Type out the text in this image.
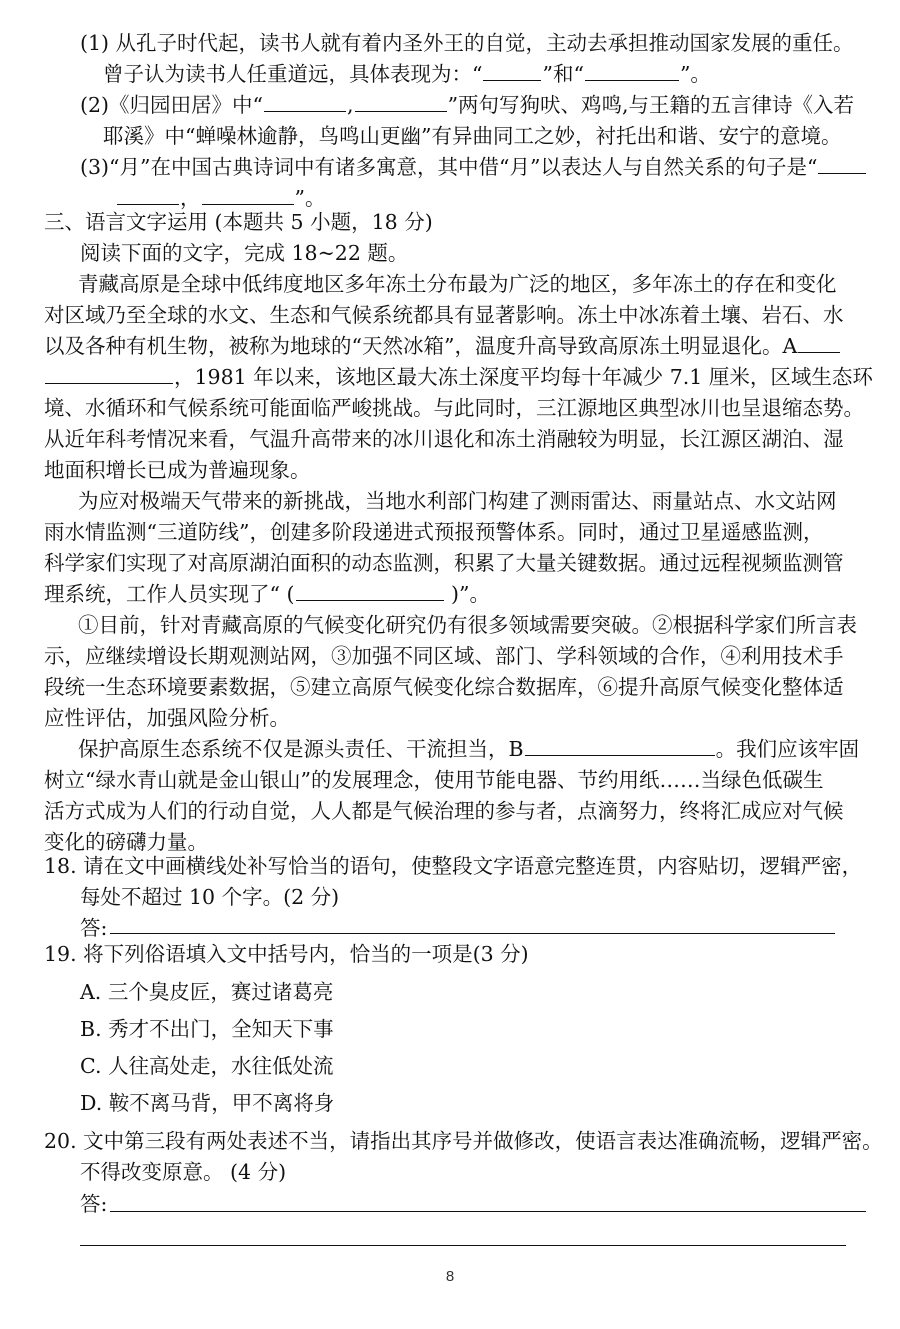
(1) 从孔子时代起，读书人就有着内圣外王的自觉，主动去承担推动国家发展的重任。
曾子认为读书人任重道远，具体表现为：“	”和“	”。
(2)《归园田居》中“	,	”两句写狗吠、鸡鸣,与王籍的五言律诗《入若
耶溪》中“蝉噪林逾静，鸟鸣山更幽”有异曲同工之妙，衬托出和谐、安宁的意境。
(3)“月”在中国古典诗词中有诸多寓意，其中借“月”以表达人与自然关系的句子是“
，	”。
三、语言文字运用 (本题共 5 小题，18 分)
阅读下面的文字，完成 18~22 题。
青藏高原是全球中低纬度地区多年冻土分布最为广泛的地区，多年冻土的存在和变化
对区域乃至全球的水文、生态和气候系统都具有显著影响。冻土中冰冻着土壤、岩石、水
以及各种有机生物，被称为地球的“天然冰箱”，温度升高导致高原冻土明显退化。A
，1981 年以来，该地区最大冻土深度平均每十年减少 7.1 厘米，区域生态环
境、水循环和气候系统可能面临严峻挑战。与此同时，三江源地区典型冰川也呈退缩态势。
从近年科考情况来看，气温升高带来的冰川退化和冻土消融较为明显，长江源区湖泊、湿
地面积增长已成为普遍现象。
为应对极端天气带来的新挑战，当地水利部门构建了测雨雷达、雨量站点、水文站网
雨水情监测“三道防线”，创建多阶段递进式预报预警体系。同时，通过卫星遥感监测，
科学家们实现了对高原湖泊面积的动态监测，积累了大量关键数据。通过远程视频监测管
理系统，工作人员实现了“ (	)”。
①目前，针对青藏高原的气候变化研究仍有很多领域需要突破。②根据科学家们所言表
示，应继续增设长期观测站网，③加强不同区域、部门、学科领域的合作，④利用技术手
段统一生态环境要素数据，⑤建立高原气候变化综合数据库，⑥提升高原气候变化整体适
应性评估，加强风险分析。
保护高原生态系统不仅是源头责任、干流担当，B	。我们应该牢固
树立“绿水青山就是金山银山”的发展理念，使用节能电器、节约用纸……当绿色低碳生
活方式成为人们的行动自觉，人人都是气候治理的参与者，点滴努力，终将汇成应对气候
变化的磅礴力量。
18. 请在文中画横线处补写恰当的语句，使整段文字语意完整连贯，内容贴切，逻辑严密，
每处不超过 10 个字。(2 分)
答:
19. 将下列俗语填入文中括号内，恰当的一项是(3 分)
A. 三个臭皮匠，赛过诸葛亮
B. 秀才不出门，全知天下事
C. 人往高处走，水往低处流
D. 鞍不离马背，甲不离将身
20. 文中第三段有两处表述不当，请指出其序号并做修改，使语言表达准确流畅，逻辑严密。
不得改变原意。 (4 分)
答:
8
